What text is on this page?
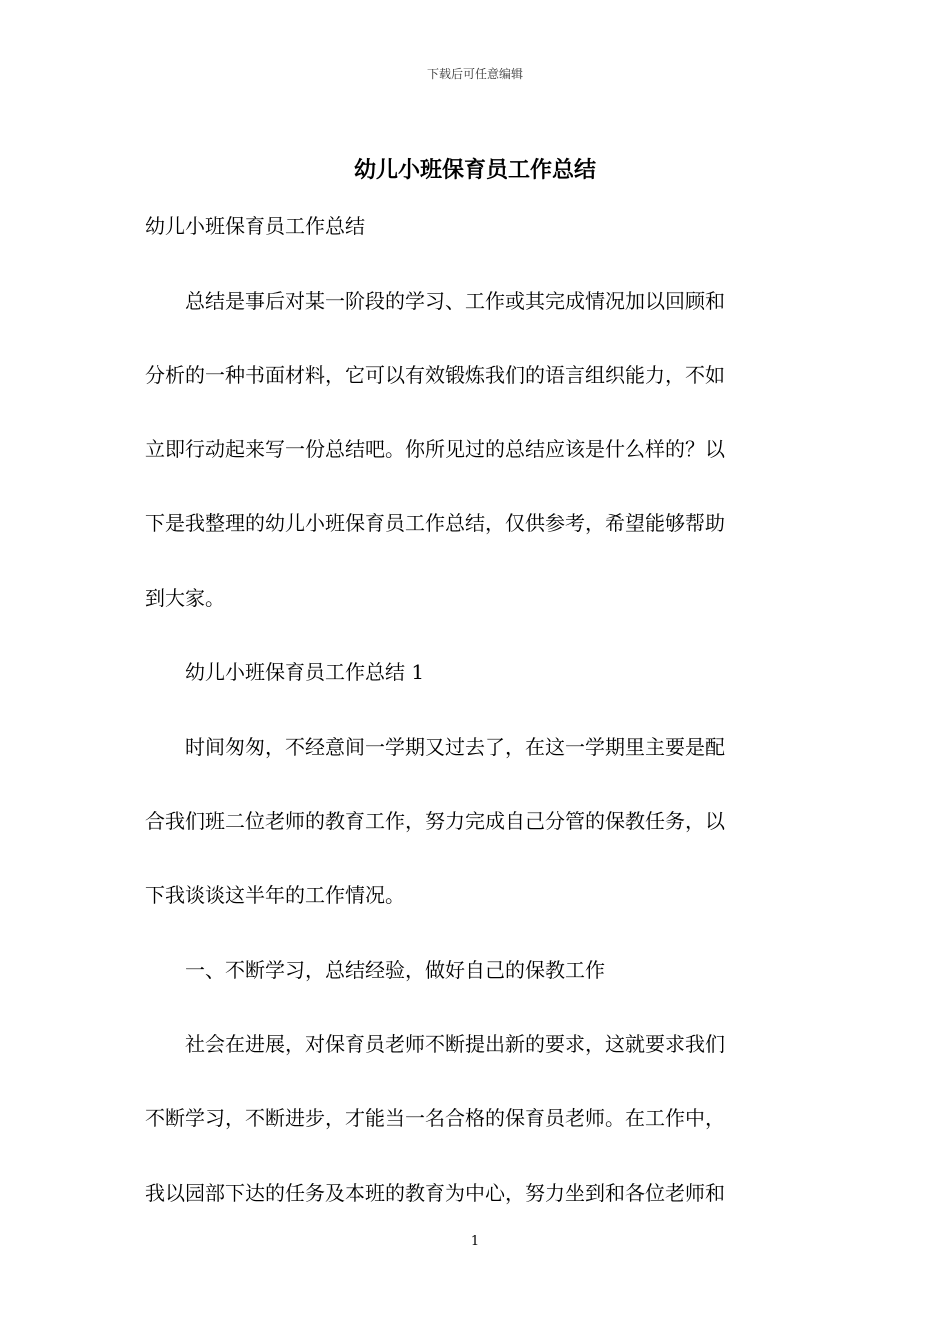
下载后可任意编辑
幼儿小班保育员工作总结
幼儿小班保育员工作总结
　　总结是事后对某一阶段的学习、工作或其完成情况加以回顾和
分析的一种书面材料，它可以有效锻炼我们的语言组织能力，不如
立即行动起来写一份总结吧。你所见过的总结应该是什么样的？以
下是我整理的幼儿小班保育员工作总结，仅供参考，希望能够帮助
到大家。
　　幼儿小班保育员工作总结 1
　　时间匆匆，不经意间一学期又过去了，在这一学期里主要是配
合我们班二位老师的教育工作，努力完成自己分管的保教任务，以
下我谈谈这半年的工作情况。
　　一、不断学习，总结经验，做好自己的保教工作
　　社会在进展，对保育员老师不断提出新的要求，这就要求我们
不断学习，不断进步，才能当一名合格的保育员老师。在工作中，
我以园部下达的任务及本班的教育为中心，努力坐到和各位老师和
1
